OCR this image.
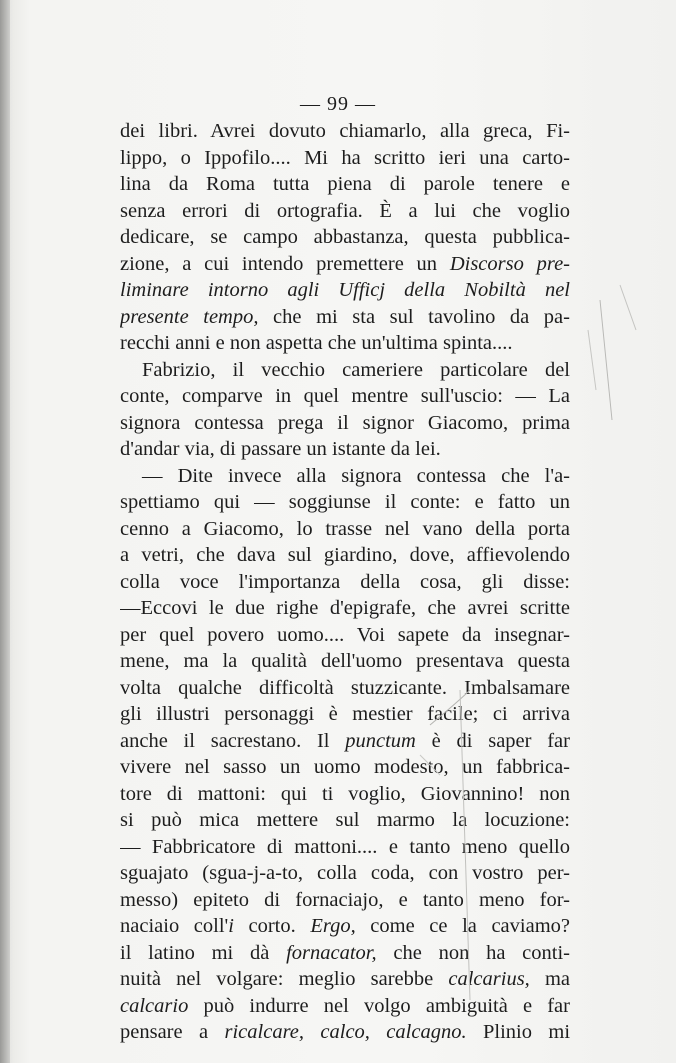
— 99 —
dei libri. Avrei dovuto chiamarlo, alla greca, Fi-
lippo, o Ippofilo.... Mi ha scritto ieri una carto-
lina da Roma tutta piena di parole tenere e
senza errori di ortografia. È a lui che voglio
dedicare, se campo abbastanza, questa pubblica-
zione, a cui intendo premettere un Discorso pre-
liminare intorno agli Ufficj della Nobiltà nel
presente tempo, che mi sta sul tavolino da pa-
recchi anni e non aspetta che un'ultima spinta....
Fabrizio, il vecchio cameriere particolare del
conte, comparve in quel mentre sull'uscio: — La
signora contessa prega il signor Giacomo, prima
d'andar via, di passare un istante da lei.
— Dite invece alla signora contessa che l'a-
spettiamo qui — soggiunse il conte: e fatto un
cenno a Giacomo, lo trasse nel vano della porta
a vetri, che dava sul giardino, dove, affievolendo
colla voce l'importanza della cosa, gli disse:
—Eccovi le due righe d'epigrafe, che avrei scritte
per quel povero uomo.... Voi sapete da insegnar-
mene, ma la qualità dell'uomo presentava questa
volta qualche difficoltà stuzzicante. Imbalsamare
gli illustri personaggi è mestier facile; ci arriva
anche il sacrestano. Il punctum è di saper far
vivere nel sasso un uomo modesto, un fabbrica-
tore di mattoni: qui ti voglio, Giovannino! non
si può mica mettere sul marmo la locuzione:
— Fabbricatore di mattoni.... e tanto meno quello
sguajato (sgua-j-a-to, colla coda, con vostro per-
messo) epiteto di fornaciajo, e tanto meno for-
naciaio coll'i corto. Ergo, come ce la caviamo?
il latino mi dà fornacator, che non ha conti-
nuità nel volgare: meglio sarebbe calcarius, ma
calcario può indurre nel volgo ambiguità e far
pensare a ricalcare, calco, calcagno. Plinio mi
